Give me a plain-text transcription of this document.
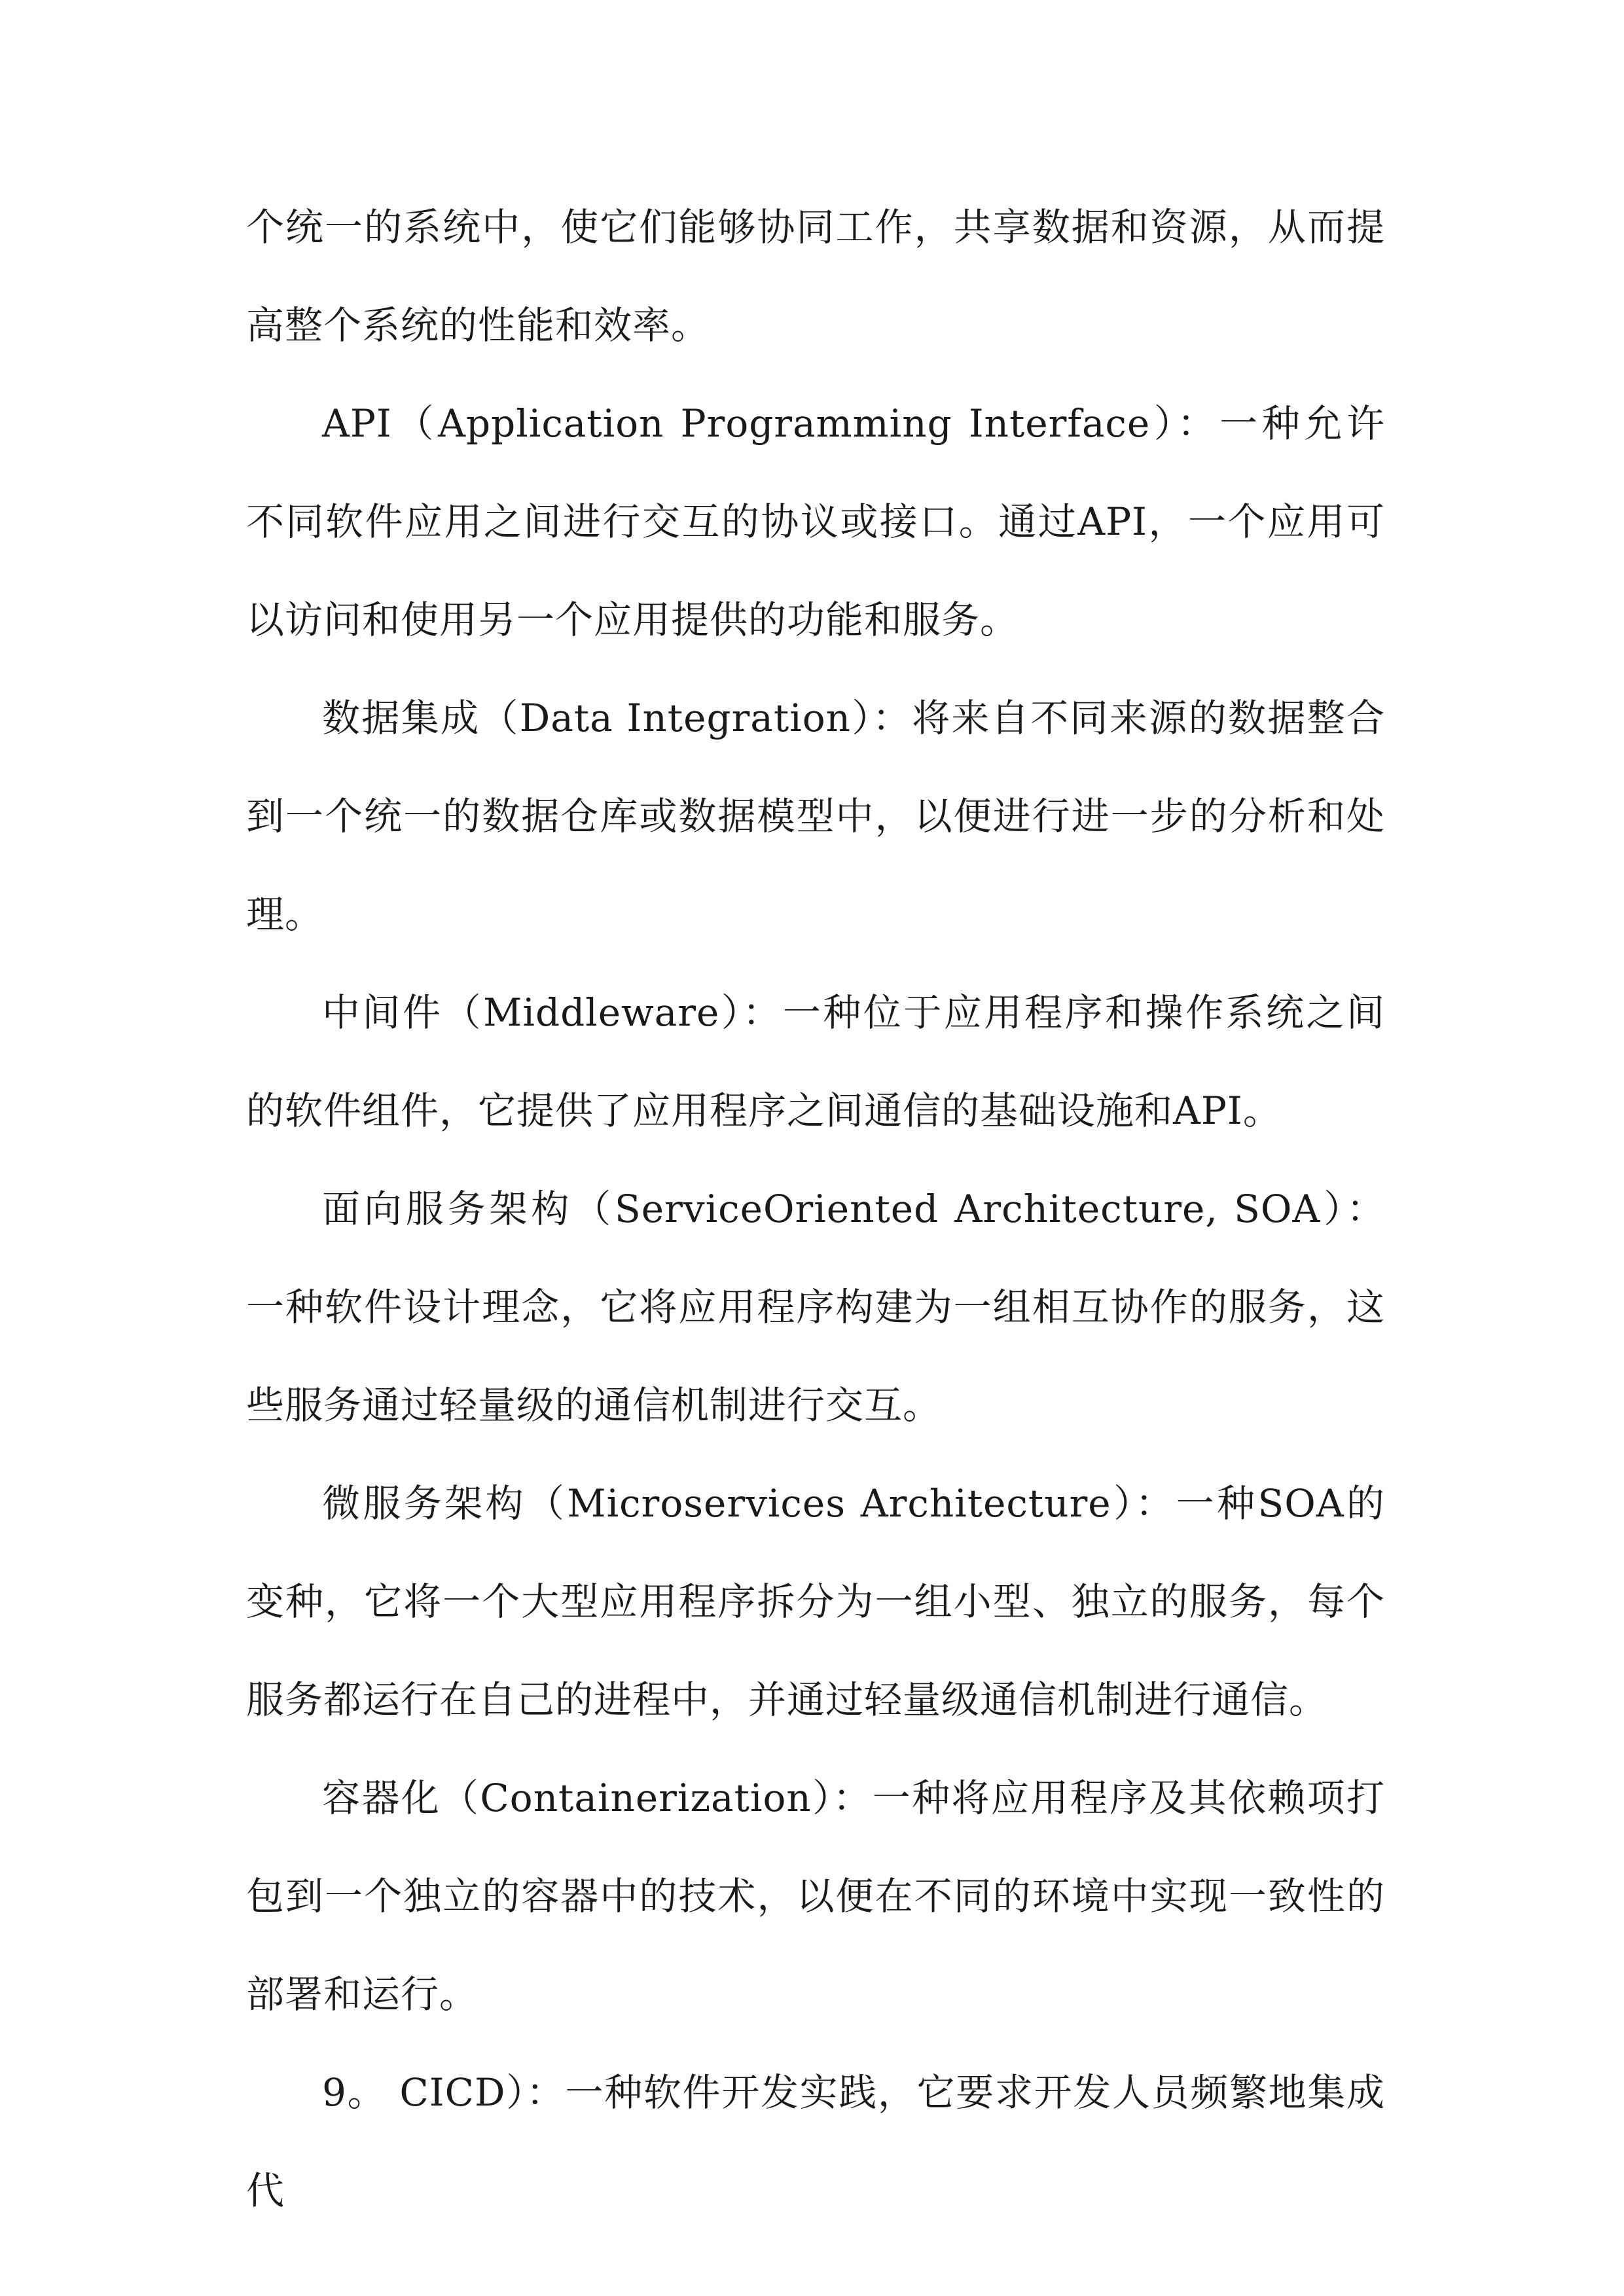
个统一的系统中，使它们能够协同工作，共享数据和资源，从而提高整个系统的性能和效率。

API（Application Programming Interface）：一种允许不同软件应用之间进行交互的协议或接口。通过API，一个应用可以访问和使用另一个应用提供的功能和服务。

数据集成（Data Integration）：将来自不同来源的数据整合到一个统一的数据仓库或数据模型中，以便进行进一步的分析和处理。

中间件（Middleware）：一种位于应用程序和操作系统之间的软件组件，它提供了应用程序之间通信的基础设施和API。

面向服务架构（ServiceOriented Architecture, SOA）：一种软件设计理念，它将应用程序构建为一组相互协作的服务，这些服务通过轻量级的通信机制进行交互。

微服务架构（Microservices Architecture）：一种SOA的变种，它将一个大型应用程序拆分为一组小型、独立的服务，每个服务都运行在自己的进程中，并通过轻量级通信机制进行通信。

容器化（Containerization）：一种将应用程序及其依赖项打包到一个独立的容器中的技术，以便在不同的环境中实现一致性的部署和运行。

9。 CICD）：一种软件开发实践，它要求开发人员频繁地集成代
